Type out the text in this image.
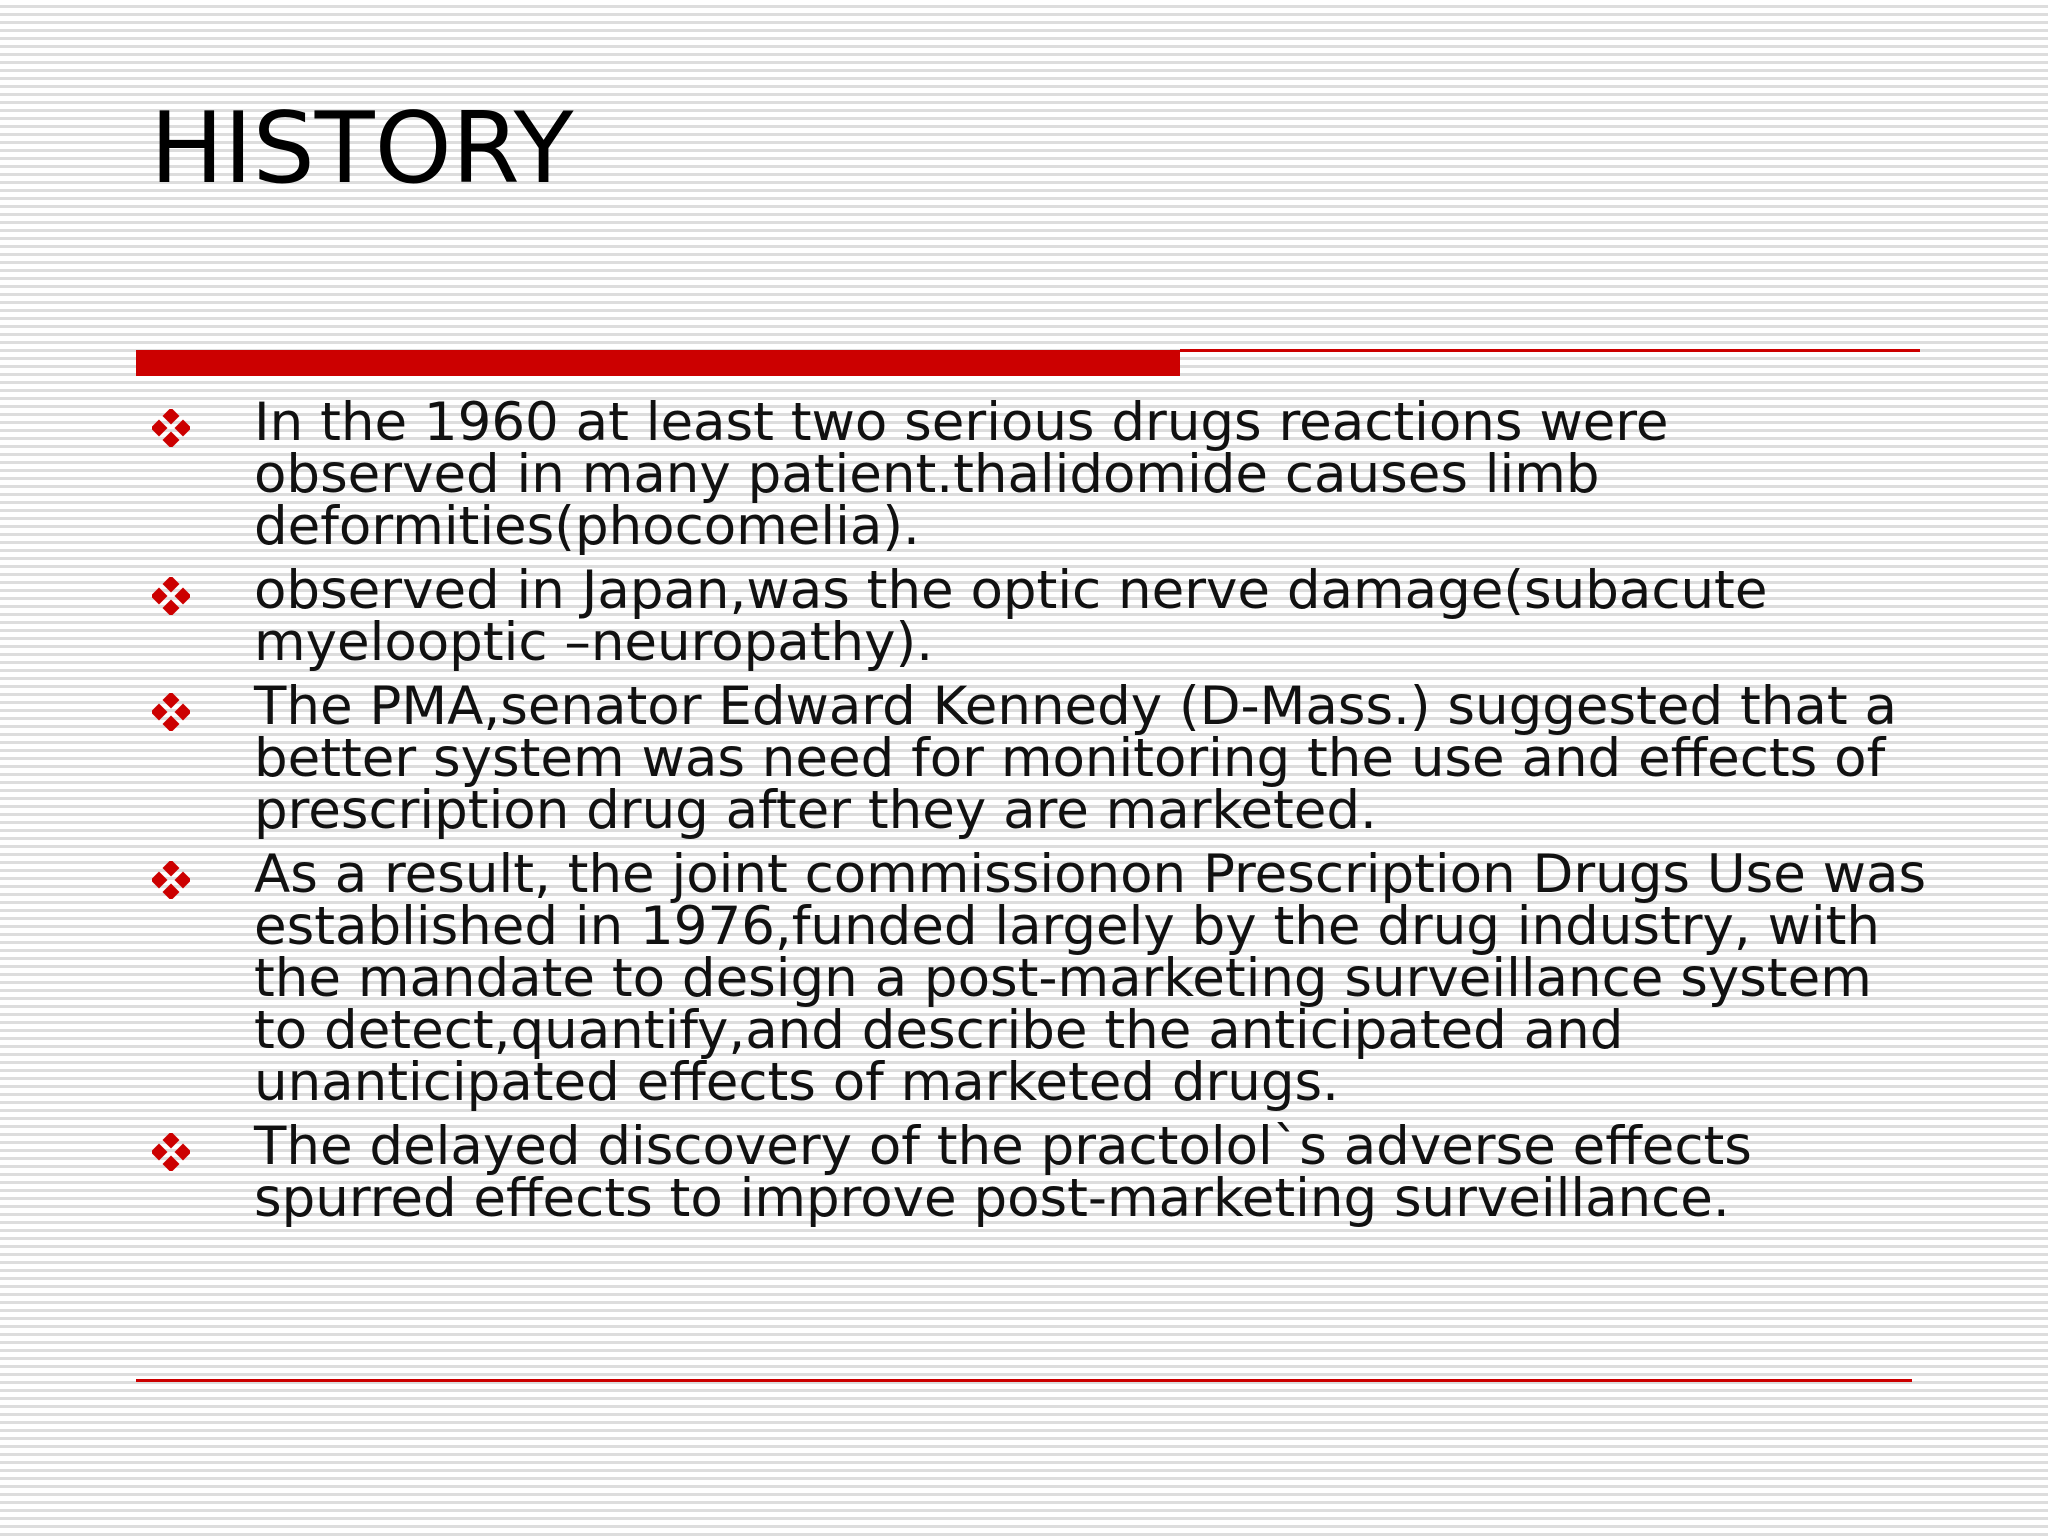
HISTORY
In the 1960 at least two serious drugs reactions were observed in many patient.thalidomide causes limb deformities(phocomelia).
observed in Japan,was the optic nerve damage(subacute myelooptic –neuropathy).
The PMA,senator Edward Kennedy (D-Mass.) suggested that a better system was need for monitoring the use and effects of prescription drug after they are marketed.
As a result, the joint commissionon Prescription Drugs Use was established in 1976,funded largely by the drug industry, with the mandate to design a post-marketing surveillance system to detect,quantify,and describe the anticipated and unanticipated effects of marketed drugs.
The delayed discovery of the practolol`s adverse effects spurred effects to improve post-marketing surveillance.
